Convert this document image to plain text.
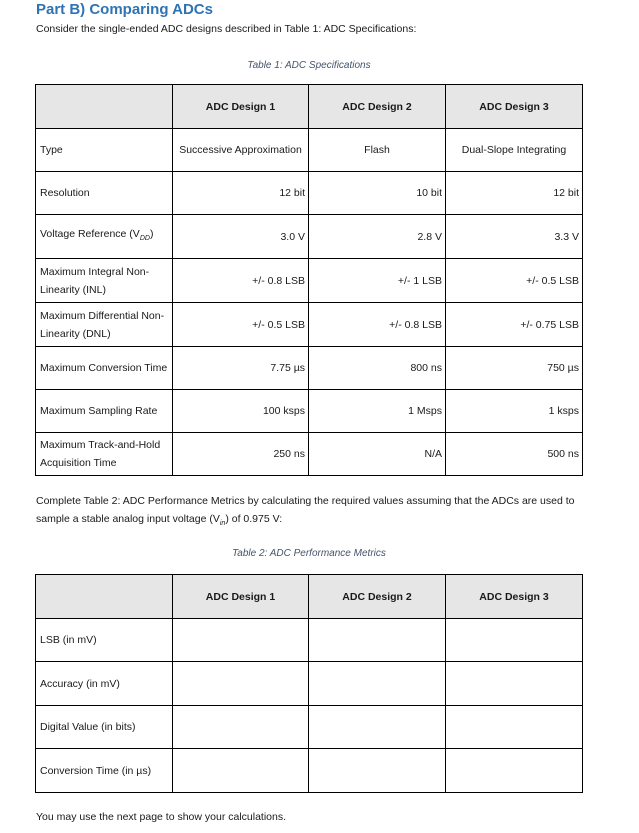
Part B) Comparing ADCs
Consider the single-ended ADC designs described in Table 1: ADC Specifications:
Table 1: ADC Specifications
	ADC Design 1	ADC Design 2	ADC Design 3
Type	Successive Approximation	Flash	Dual-Slope Integrating
Resolution	12 bit	10 bit	12 bit
Voltage Reference $(V_{DD})$	3.0 V	2.8 V	3.3 V
Maximum Integral Non-Linearity (INL)	+/- 0.8 LSB	+/- 1 LSB	+/- 0.5 LSB
Maximum Differential Non-Linearity (DNL)	+/- 0.5 LSB	+/- 0.8 LSB	+/- 0.75 LSB
Maximum Conversion Time	7.75 µs	800 ns	750 µs
Maximum Sampling Rate	100 ksps	1 Msps	1 ksps
Maximum Track-and-Hold Acquisition Time	250 ns	N/A	500 ns
Complete Table 2: ADC Performance Metrics by calculating the required values assuming that the ADCs are used to sample a stable analog input voltage $(V_{in})$ of 0.975 V:
Table 2: ADC Performance Metrics
	ADC Design 1	ADC Design 2	ADC Design 3
LSB (in mV)			
Accuracy (in mV)			
Digital Value (in bits)			
Conversion Time (in µs)			
You may use the next page to show your calculations.
